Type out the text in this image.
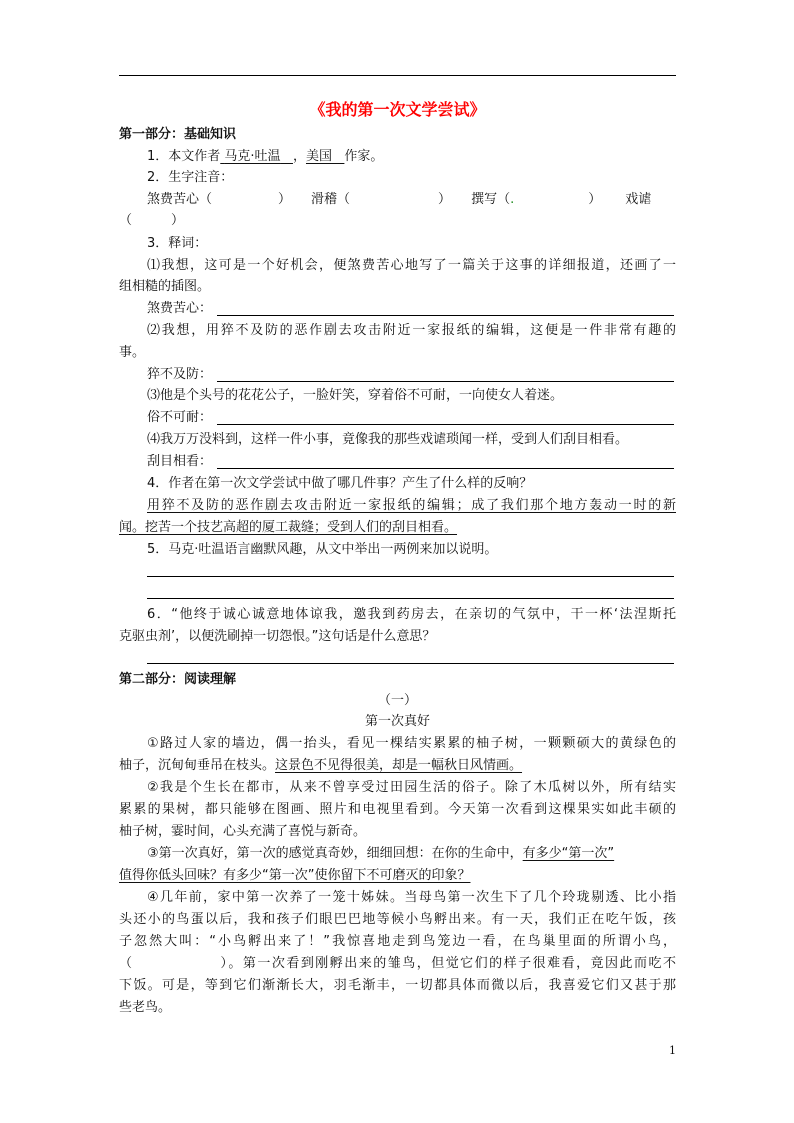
《我的第一次文学尝试》
第一部分：基础知识
1．本文作者 马克·吐温 ，美国 作家。
2．生字注音：
煞费苦心（	） 滑稽（	） 撰写（.	） 戏谑
（　　　）
3．释词：
⑴我想，这可是一个好机会，便煞费苦心地写了一篇关于这事的详细报道，还画了一
组相糙的插图。
煞费苦心：
⑵我想，用猝不及防的恶作剧去攻击附近一家报纸的编辑，这便是一件非常有趣的
事。
猝不及防：
⑶他是个头号的花花公子，一脸奸笑，穿着俗不可耐，一向使女人着迷。
俗不可耐：
⑷我万万没料到，这样一件小事，竟像我的那些戏谑琐闻一样，受到人们刮目相看。
刮目相看：
4．作者在第一次文学尝试中做了哪几件事？产生了什么样的反响？
用猝不及防的恶作剧去攻击附近一家报纸的编辑；成了我们那个地方轰动一时的新
闻。挖苦一个技艺高超的厦工裁缝；受到人们的刮目相看。
5．马克·吐温语言幽默风趣，从文中举出一两例来加以说明。
6．“他终于诚心诚意地体谅我，邀我到药房去，在亲切的气氛中，干一杯‘法涅斯托
克驱虫剂’，以便洗刷掉一切怨恨。”这句话是什么意思？
第二部分：阅读理解
（一）
第一次真好
①路过人家的墙边，偶一抬头，看见一棵结实累累的柚子树，一颗颗硕大的黄绿色的
柚子，沉甸甸垂吊在枝头。这景色不见得很美，却是一幅秋日风情画。
②我是个生长在都市，从来不曾享受过田园生活的俗子。除了木瓜树以外，所有结实
累累的果树，都只能够在图画、照片和电视里看到。今天第一次看到这棵果实如此丰硕的
柚子树，霎时间，心头充满了喜悦与新奇。
③第一次真好，第一次的感觉真奇妙，细细回想：在你的生命中，有多少“第一次”
值得你低头回味？有多少“第一次”使你留下不可磨灭的印象？
④几年前，家中第一次养了一笼十姊妹。当母鸟第一次生下了几个玲珑剔透、比小指
头还小的鸟蛋以后，我和孩子们眼巴巴地等候小鸟孵出来。有一天，我们正在吃午饭，孩
子忽然大叫：“小鸟孵出来了！”我惊喜地走到鸟笼边一看，在鸟巢里面的所谓小鸟，
（　　　　　　）。第一次看到刚孵出来的雏鸟，但觉它们的样子很难看，竟因此而吃不
下饭。可是，等到它们渐渐长大，羽毛渐丰，一切都具体而微以后，我喜爱它们又甚于那
些老鸟。
1
